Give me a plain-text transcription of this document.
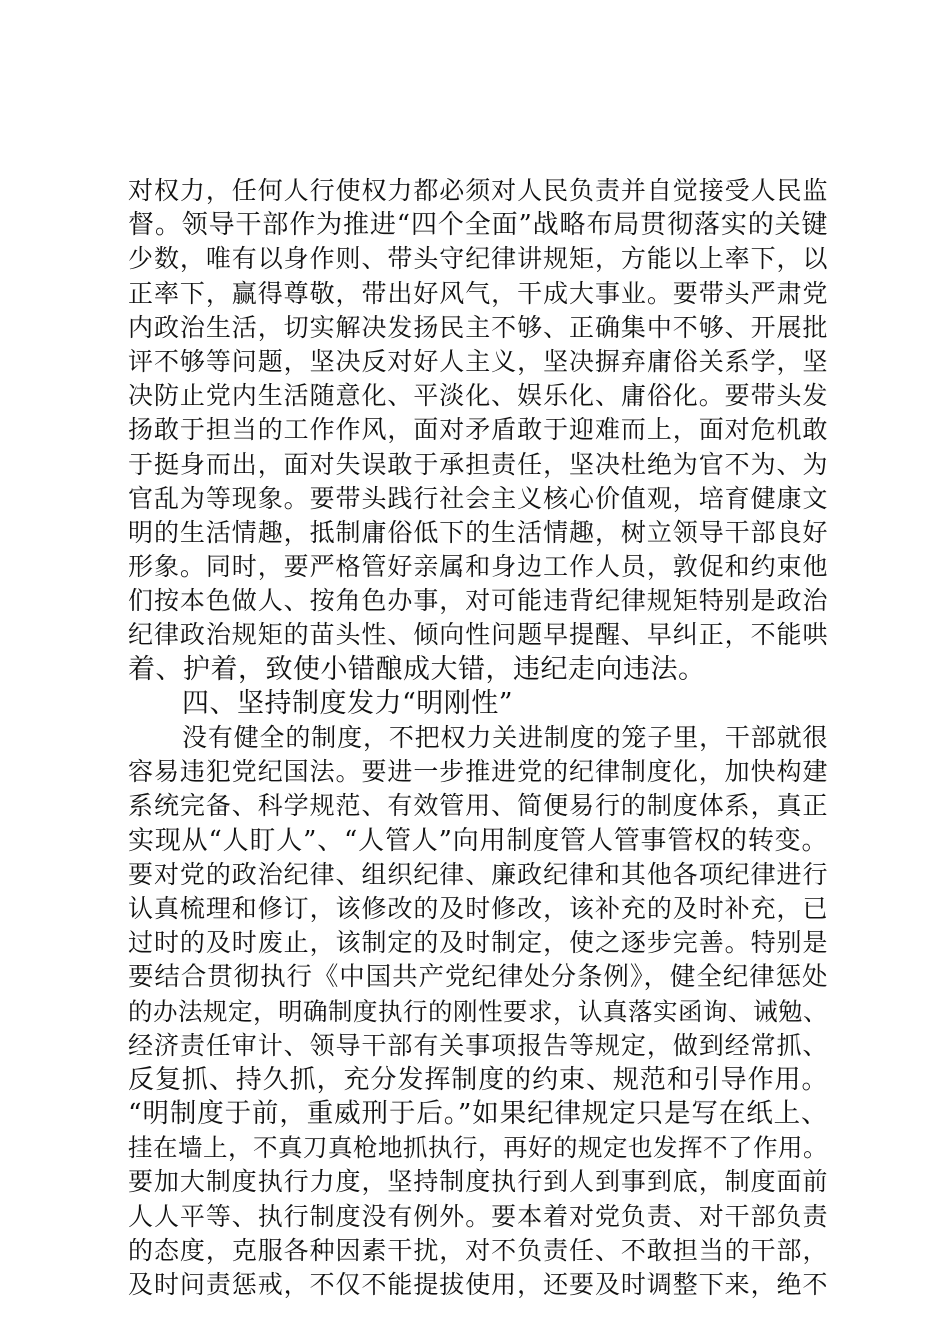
对权力，任何人行使权力都必须对人民负责并自觉接受人民监
督。领导干部作为推进“四个全面”战略布局贯彻落实的关键
少数，唯有以身作则、带头守纪律讲规矩，方能以上率下，以
正率下，赢得尊敬，带出好风气，干成大事业。要带头严肃党
内政治生活，切实解决发扬民主不够、正确集中不够、开展批
评不够等问题，坚决反对好人主义，坚决摒弃庸俗关系学，坚
决防止党内生活随意化、平淡化、娱乐化、庸俗化。要带头发
扬敢于担当的工作作风，面对矛盾敢于迎难而上，面对危机敢
于挺身而出，面对失误敢于承担责任，坚决杜绝为官不为、为
官乱为等现象。要带头践行社会主义核心价值观，培育健康文
明的生活情趣，抵制庸俗低下的生活情趣，树立领导干部良好
形象。同时，要严格管好亲属和身边工作人员，敦促和约束他
们按本色做人、按角色办事，对可能违背纪律规矩特别是政治
纪律政治规矩的苗头性、倾向性问题早提醒、早纠正，不能哄
着、护着，致使小错酿成大错，违纪走向违法。
四、坚持制度发力“明刚性”
没有健全的制度，不把权力关进制度的笼子里，干部就很
容易违犯党纪国法。要进一步推进党的纪律制度化，加快构建
系统完备、科学规范、有效管用、简便易行的制度体系，真正
实现从“人盯人”、“人管人”向用制度管人管事管权的转变。
要对党的政治纪律、组织纪律、廉政纪律和其他各项纪律进行
认真梳理和修订，该修改的及时修改，该补充的及时补充，已
过时的及时废止，该制定的及时制定，使之逐步完善。特别是
要结合贯彻执行《中国共产党纪律处分条例》，健全纪律惩处
的办法规定，明确制度执行的刚性要求，认真落实函询、诫勉、
经济责任审计、领导干部有关事项报告等规定，做到经常抓、
反复抓、持久抓，充分发挥制度的约束、规范和引导作用。
“明制度于前，重威刑于后。”如果纪律规定只是写在纸上、
挂在墙上，不真刀真枪地抓执行，再好的规定也发挥不了作用。
要加大制度执行力度，坚持制度执行到人到事到底，制度面前
人人平等、执行制度没有例外。要本着对党负责、对干部负责
的态度，克服各种因素干扰，对不负责任、不敢担当的干部，
及时问责惩戒，不仅不能提拔使用，还要及时调整下来，绝不
